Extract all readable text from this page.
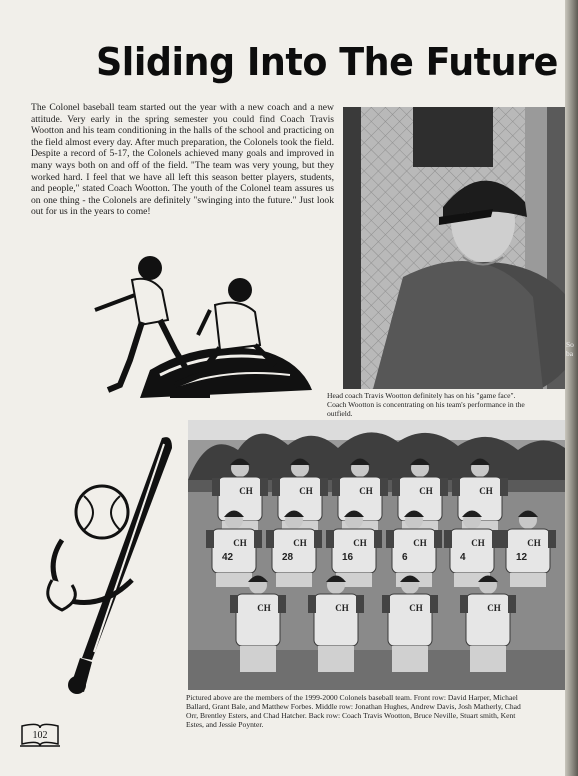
Sliding Into The Future
The Colonel baseball team started out the year with a new coach and a new attitude. Very early in the spring semester you could find Coach Travis Wootton and his team conditioning in the halls of the school and practicing on the field almost every day. After much preparation, the Colonels took the field. Despite a record of 5-17, the Colonels achieved many goals and improved in many ways both on and off of the field. "The team was very young, but they worked hard. I feel that we have all left this season better players, students, and people," stated Coach Wootton. The youth of the Colonel team assures us on one thing - the Colonels are definitely "swinging into the future." Just look out for us in the years to come!
Head coach Travis Wootton definitely has on his "game face".
Coach Wootton is concentrating on his team's performance in the
outfield.
So
ba
CH	CH	CH	CH	CH
CH
42
CH
28
CH
16
CH
6
CH
4
CH
12
CH	CH	CH	CH
Pictured above are the members of the 1999-2000 Colonels baseball team. Front row: David Harper, Michael
Ballard, Grant Bale, and Matthew Forbes. Middle row: Jonathan Hughes, Andrew Davis, Josh Matherly, Chad
Orr, Brentley Esters, and Chad Hatcher. Back row: Coach Travis Wootton, Bruce Neville, Stuart smith, Kent
Estes, and Jessie Poynter.
102
